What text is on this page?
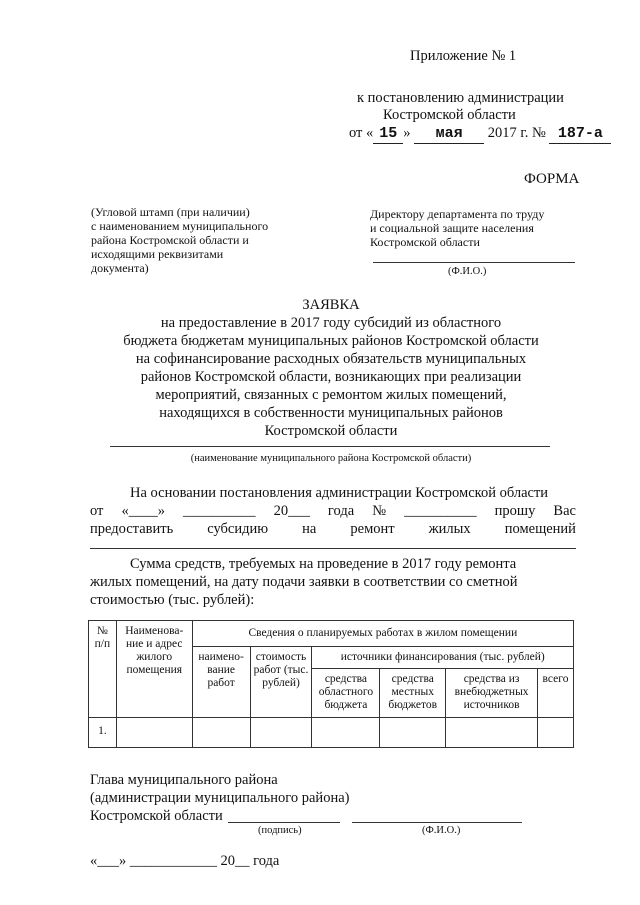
Приложение № 1
к постановлению администрации
Костромской области
от « 15 » мая 2017 г. № 187-а
ФОРМА
(Угловой штамп (при наличии)
с наименованием муниципального
района Костромской области и
исходящими реквизитами
документа)
Директору департамента по труду
и социальной защите населения
Костромской области
(Ф.И.О.)
ЗАЯВКА
на предоставление в 2017 году субсидий из областного
бюджета бюджетам муниципальных районов Костромской области
на софинансирование расходных обязательств муниципальных
районов Костромской области, возникающих при реализации
мероприятий, связанных с ремонтом жилых помещений,
находящихся в собственности муниципальных районов
Костромской области
(наименование муниципального района Костромской области)
На основании постановления администрации Костромской области
от «____» __________ 20___ года № __________ прошу Вас
предоставить субсидию на ремонт жилых помещений
Сумма средств, требуемых на проведение в 2017 году ремонта
жилых помещений, на дату подачи заявки в соответствии со сметной
стоимостью (тыс. рублей):
№ п/п	Наименова-ние и адрес жилого помещения	Сведения о планируемых работах в жилом помещении					
		наимено-вание работ	стоимость работ (тыс. рублей)	источники финансирования (тыс. рублей)			
				средства областного бюджета	средства местных бюджетов	средства из внебюджетных источников	всего
1.							
Глава муниципального района
(администрации муниципального района)
Костромской области
(подпись)	(Ф.И.О.)
«___» ____________ 20__ года
